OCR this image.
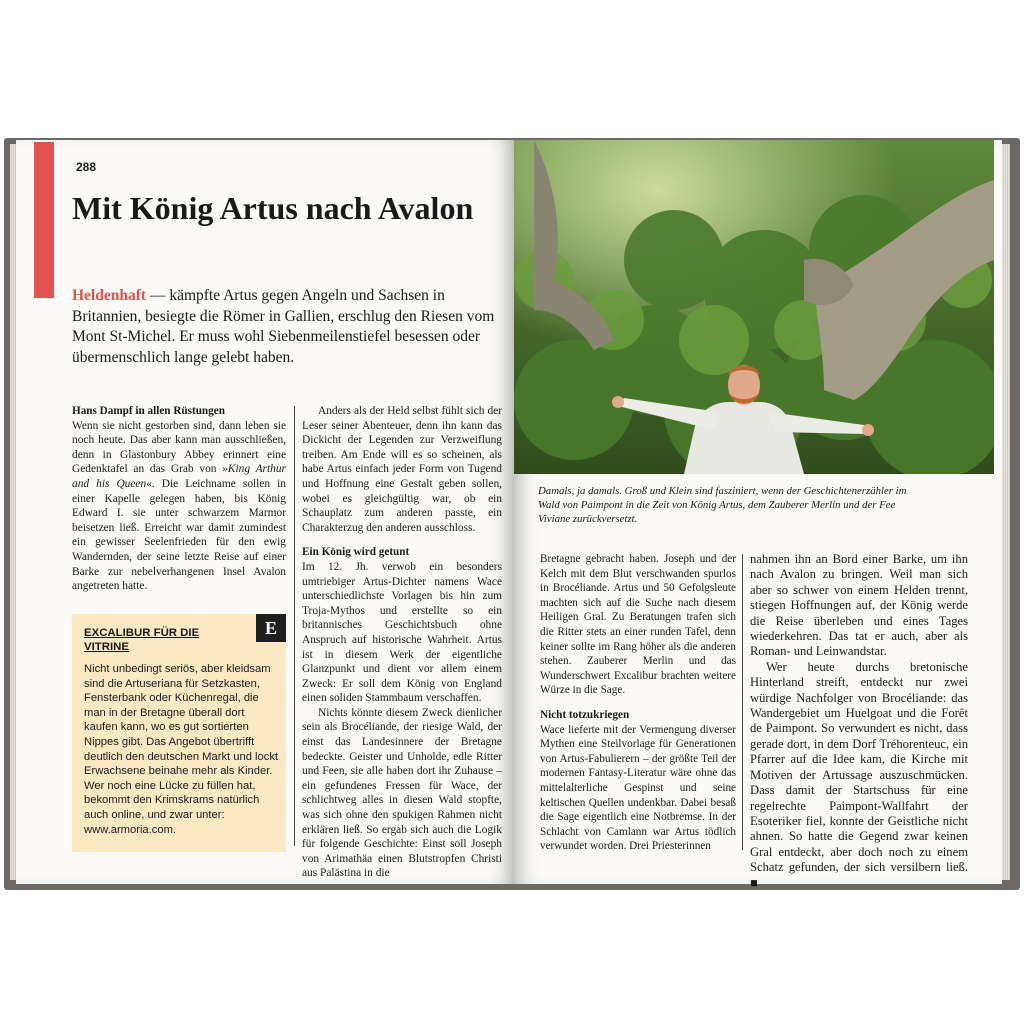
288
Mit König Artus nach Avalon

Heldenhaft — kämpfte Artus gegen Angeln und Sachsen in Britannien, besiegte die Römer in Gallien, erschlug den Riesen vom Mont St-Michel. Er muss wohl Siebenmeilenstiefel besessen oder übermenschlich lange gelebt haben.

Hans Dampf in allen Rüstungen
Wenn sie nicht gestorben sind, dann leben sie noch heute. Das aber kann man ausschließen, denn in Glastonbury Abbey erinnert eine Gedenktafel an das Grab von »King Arthur and his Queen«. Die Leichname sollen in einer Kapelle gelegen haben, bis König Edward I. sie unter schwarzem Marmor beisetzen ließ. Erreicht war damit zumindest ein gewisser Seelenfrieden für den ewig Wandernden, der seine letzte Reise auf einer Barke zur nebelverhangenen Insel Avalon angetreten hatte.
Anders als der Held selbst fühlt sich der Leser seiner Abenteuer, denn ihn kann das Dickicht der Legenden zur Verzweiflung treiben. Am Ende will es so scheinen, als habe Artus einfach jeder Form von Tugend und Hoffnung eine Gestalt geben sollen, wobei es gleichgültig war, ob ein Schauplatz zum anderen passte, ein Charakterzug den anderen ausschloss.
Ein König wird getunt
Im 12. Jh. verwob ein besonders umtriebiger Artus-Dichter namens Wace unterschiedlichste Vorlagen bis hin zum Troja-Mythos und erstellte so ein britannisches Geschichtsbuch ohne Anspruch auf historische Wahrheit. Artus ist in diesem Werk der eigentliche Glanzpunkt und dient vor allem einem Zweck: Er soll dem König von England einen soliden Stammbaum verschaffen.
Nichts könnte diesem Zweck dienlicher sein als Brocéliande, der riesige Wald, der einst das Landesinnere der Bretagne bedeckte. Geister und Unholde, edle Ritter und Feen, sie alle haben dort ihr Zuhause – ein gefundenes Fressen für Wace, der schlichtweg alles in diesen Wald stopfte, was sich ohne den spukigen Rahmen nicht erklären ließ. So ergab sich auch die Logik für folgende Geschichte: Einst soll Joseph von Arimathäa einen Blutstropfen Christi aus Palästina in die

EXCALIBUR FÜR DIE VITRINE

E

Nicht unbedingt seriös, aber kleidsam sind die Artuseriana für Setzkasten, Fensterbank oder Küchenregal, die man in der Bretagne überall dort kaufen kann, wo es gut sortierten Nippes gibt. Das Angebot übertrifft deutlich den deutschen Markt und lockt Erwachsene beinahe mehr als Kinder. Wer noch eine Lücke zu füllen hat, bekommt den Krimskrams natürlich auch online, und zwar unter: www.armoria.com.

Damals, ja damals. Groß und Klein sind fasziniert, wenn der Geschichtenerzähler im Wald von Paimpont in die Zeit von König Artus, dem Zauberer Merlin und der Fee Viviane zurückversetzt.

Bretagne gebracht haben. Joseph und der Kelch mit dem Blut verschwanden spurlos in Brocéliande. Artus und 50 Gefolgsleute machten sich auf die Suche nach diesem Heiligen Gral. Zu Beratungen trafen sich die Ritter stets an einer runden Tafel, denn keiner sollte im Rang höher als die anderen stehen. Zauberer Merlin und das Wunderschwert Excalibur brachten weitere Würze in die Sage.
Nicht totzukriegen
Wace lieferte mit der Vermengung diverser Mythen eine Steilvorlage für Generationen von Artus-Fabulierern – der größte Teil der modernen Fantasy-Literatur wäre ohne das mittelalterliche Gespinst und seine keltischen Quellen undenkbar. Dabei besaß die Sage eigentlich eine Notbremse. In der Schlacht von Camlann war Artus tödlich verwundet worden. Drei Priesterinnen
nahmen ihn an Bord einer Barke, um ihn nach Avalon zu bringen. Weil man sich aber so schwer von einem Helden trennt, stiegen Hoffnungen auf, der König werde die Reise überleben und eines Tages wiederkehren. Das tat er auch, aber als Roman- und Leinwandstar.
Wer heute durchs bretonische Hinterland streift, entdeckt nur zwei würdige Nachfolger von Brocéliande: das Wandergebiet um Huelgoat und die Forêt de Paimpont. So verwundert es nicht, dass gerade dort, in dem Dorf Tréhorenteuc, ein Pfarrer auf die Idee kam, die Kirche mit Motiven der Artussage auszuschmücken. Dass damit der Startschuss für eine regelrechte Paimpont-Wallfahrt der Esoteriker fiel, konnte der Geistliche nicht ahnen. So hatte die Gegend zwar keinen Gral entdeckt, aber doch noch zu einem Schatz gefunden, der sich versilbern ließ. ■
